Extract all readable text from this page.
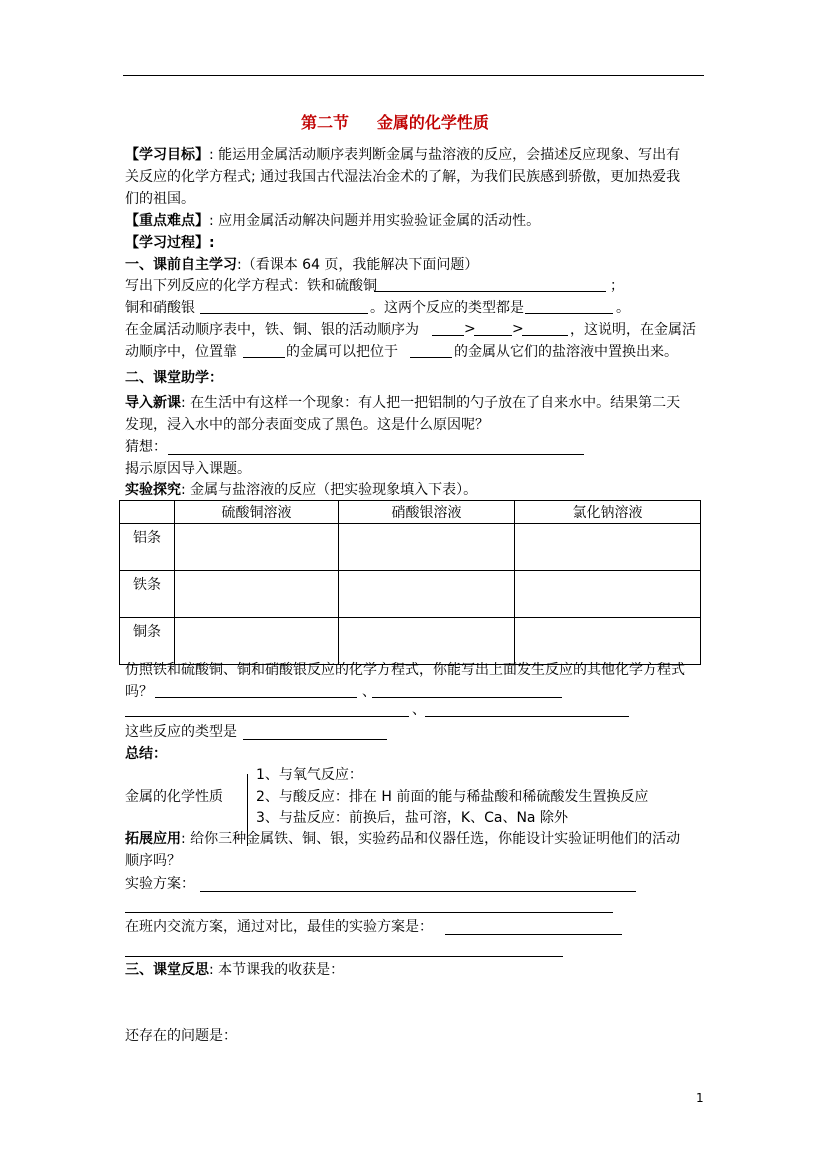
第二节     金属的化学性质
【学习目标】: 能运用金属活动顺序表判断金属与盐溶液的反应，会描述反应现象、写出有
关反应的化学方程式; 通过我国古代湿法冶金术的了解，为我们民族感到骄傲，更加热爱我
们的祖国。
【重点难点】: 应用金属活动解决问题并用实验验证金属的活动性。
【学习过程】:
一、课前自主学习:（看课本 64 页，我能解决下面问题）
写出下列反应的化学方程式：铁和硫酸铜	；
铜和硝酸银	。这两个反应的类型都是	。
在金属活动顺序表中，铁、铜、银的活动顺序为	>	>	，这说明，在金属活
动顺序中，位置靠	的金属可以把位于	的金属从它们的盐溶液中置换出来。
二、课堂助学：
导入新课: 在生活中有这样一个现象：有人把一把铝制的勺子放在了自来水中。结果第二天
发现，浸入水中的部分表面变成了黑色。这是什么原因呢？
猜想：
揭示原因导入课题。
实验探究: 金属与盐溶液的反应（把实验现象填入下表）。
	硫酸铜溶液	硝酸银溶液	氯化钠溶液
铝条			
铁条			
铜条			
仿照铁和硫酸铜、铜和硝酸银反应的化学方程式，你能写出上面发生反应的其他化学方程式
吗？	、
、
这些反应的类型是
总结：
金属的化学性质
1、与氧气反应：
2、与酸反应：排在 H 前面的能与稀盐酸和稀硫酸发生置换反应
3、与盐反应：前换后，盐可溶，K、Ca、Na 除外
拓展应用: 给你三种金属铁、铜、银，实验药品和仪器任选，你能设计实验证明他们的活动
顺序吗？
实验方案：
在班内交流方案，通过对比，最佳的实验方案是：
三、课堂反思: 本节课我的收获是：
还存在的问题是：
1
